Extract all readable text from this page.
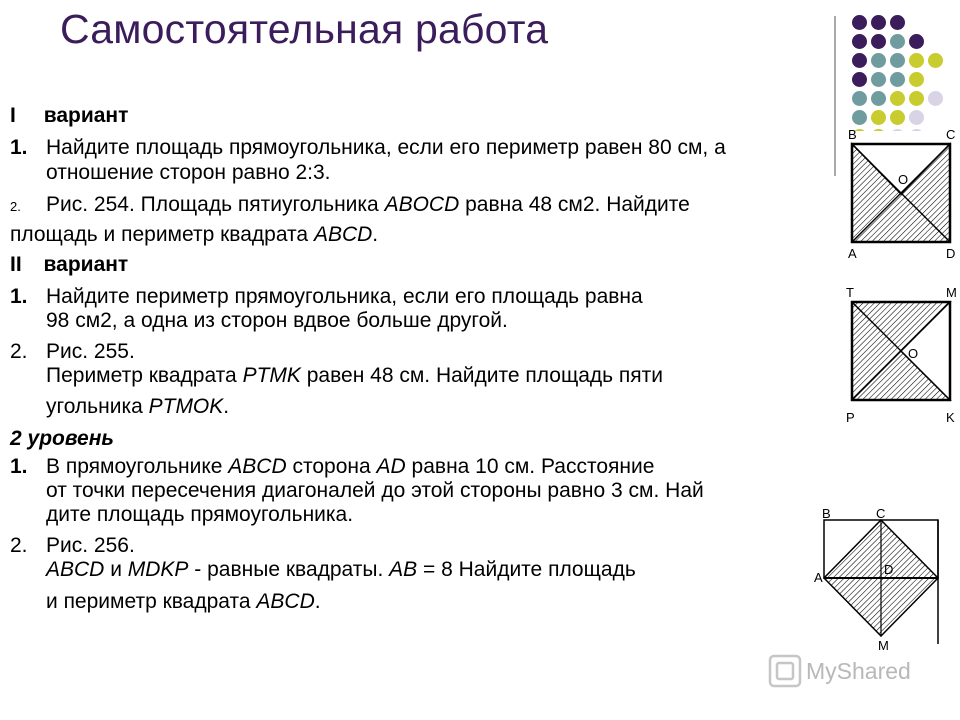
Самостоятельная работа
I вариант
1. Найдите площадь прямоугольника, если его периметр равен 80 см, а
отношение сторон равно 2:3.
2. Рис. 254. Площадь пятиугольника ABOCD равна 48 см2. Найдите
площадь и периметр квадрата ABCD.
II вариант
1. Найдите периметр прямоугольника, если его площадь равна
98 см2, а одна из сторон вдвое больше другой.
2. Рис. 255.
Периметр квадрата PTMK равен 48 см. Найдите площадь пяти
угольника PTMOK.
2 уровень
1. В прямоугольнике ABCD сторона AD равна 10 см. Расстояние
от точки пересечения диагоналей до этой стороны равно 3 см. Най
дите площадь прямоугольника.
2. Рис. 256.
ABCD и MDKP - равные квадраты. AB = 8 Найдите площадь
и периметр квадрата ABCD.
B	C
O
A	D
T	M
O
P	K
B	C
A
D
M
MyShared
